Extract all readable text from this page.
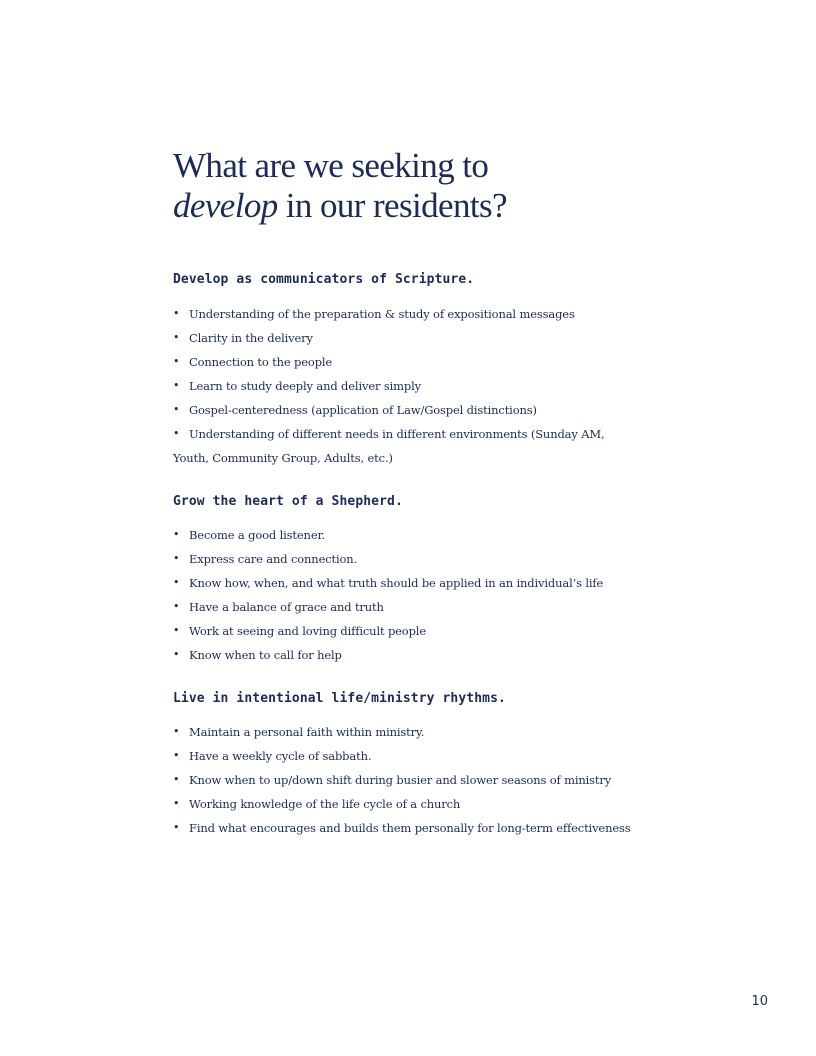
What are we seeking to
develop in our residents?
Develop as communicators of Scripture.
• Understanding of the preparation & study of expositional messages
• Clarity in the delivery
• Connection to the people
• Learn to study deeply and deliver simply
• Gospel-centeredness (application of Law/Gospel distinctions)
• Understanding of different needs in different environments (Sunday AM, Youth, Community Group, Adults, etc.)
Grow the heart of a Shepherd.
• Become a good listener.
• Express care and connection.
• Know how, when, and what truth should be applied in an individual’s life
• Have a balance of grace and truth
• Work at seeing and loving difficult people
• Know when to call for help
Live in intentional life/ministry rhythms.
• Maintain a personal faith within ministry.
• Have a weekly cycle of sabbath.
• Know when to up/down shift during busier and slower seasons of ministry
• Working knowledge of the life cycle of a church
• Find what encourages and builds them personally for long-term effectiveness
10
